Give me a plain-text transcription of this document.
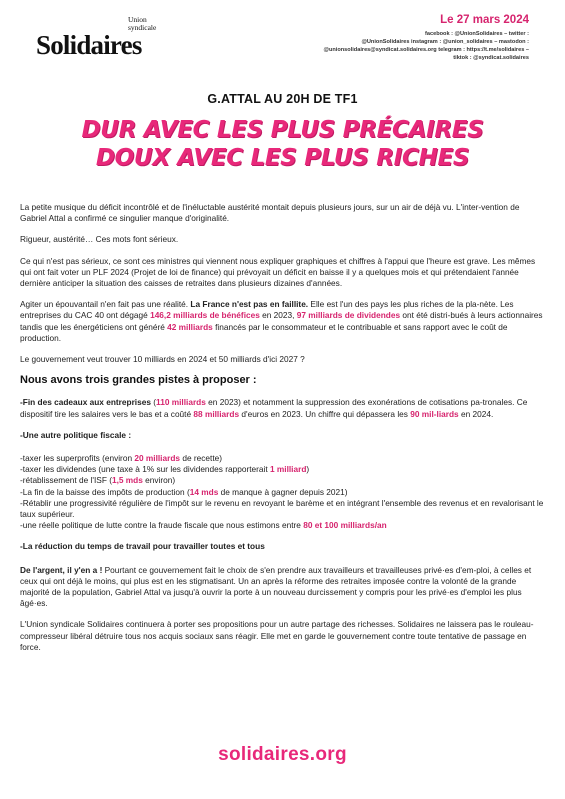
Union
syndicale
Solidaires
Le 27 mars 2024
facebook : @UnionSolidaires – twitter :
@UnionSolidaires instagram : @union_solidaires – mastodon :
@unionsolidaires@syndicat.solidaires.org telegram : https://t.me/solidaires –
tiktok : @syndicat.solidaires
G.ATTAL AU 20H DE TF1
DUR AVEC LES PLUS PRÉCAIRES
DOUX AVEC LES PLUS RICHES

La petite musique du déficit incontrôlé et de l'inéluctable austérité montait depuis plusieurs jours, sur un air de déjà vu. L'inter-vention de Gabriel Attal a confirmé ce singulier manque d'originalité.

Rigueur, austérité… Ces mots font sérieux.

Ce qui n'est pas sérieux, ce sont ces ministres qui viennent nous expliquer graphiques et chiffres à l'appui que l'heure est grave. Les mêmes qui ont fait voter un PLF 2024 (Projet de loi de finance) qui prévoyait un déficit en baisse il y a quelques mois et qui prétendaient l'année dernière anticiper la situation des caisses de retraites dans plusieurs dizaines d'années.

Agiter un épouvantail n'en fait pas une réalité. La France n'est pas en faillite. Elle est l'un des pays les plus riches de la pla-nète. Les entreprises du CAC 40 ont dégagé 146,2 milliards de bénéfices en 2023, 97 milliards de dividendes ont été distri-bués à leurs actionnaires tandis que les énergéticiens ont généré 42 milliards financés par le consommateur et le contribuable et sans rapport avec le coût de production.

Le gouvernement veut trouver 10 milliards en 2024 et 50 milliards d'ici 2027 ?

Nous avons trois grandes pistes à proposer :

-Fin des cadeaux aux entreprises (110 milliards en 2023) et notamment la suppression des exonérations de cotisations pa-tronales. Ce dispositif tire les salaires vers le bas et a coûté 88 milliards d'euros en 2023. Un chiffre qui dépassera les 90 mil-liards en 2024.

-Une autre politique fiscale :
-taxer les superprofits (environ 20 milliards de recette)
-taxer les dividendes (une taxe à 1% sur les dividendes rapporterait 1 milliard)
-rétablissement de l'ISF (1,5 mds environ)
-La fin de la baisse des impôts de production (14 mds de manque à gagner depuis 2021)
-Rétablir une progressivité régulière de l'impôt sur le revenu en revoyant le barème et en intégrant l'ensemble des revenus et en revalorisant le taux supérieur.
-une réelle politique de lutte contre la fraude fiscale que nous estimons entre 80 et 100 milliards/an
-La réduction du temps de travail pour travailler toutes et tous

De l'argent, il y'en a ! Pourtant ce gouvernement fait le choix de s'en prendre aux travailleurs et travailleuses privé·es d'em-ploi, à celles et ceux qui ont déjà le moins, qui plus est en les stigmatisant. Un an après la réforme des retraites imposée contre la volonté de la grande majorité de la population, Gabriel Attal va jusqu'à ouvrir la porte à un nouveau durcissement y compris pour les privé·es d'emploi les plus âgé·es.

L'Union syndicale Solidaires continuera à porter ses propositions pour un autre partage des richesses. Solidaires ne laissera pas le rouleau-compresseur libéral détruire tous nos acquis sociaux sans réagir. Elle met en garde le gouvernement contre toute tentative de passage en force.

solidaires.org
